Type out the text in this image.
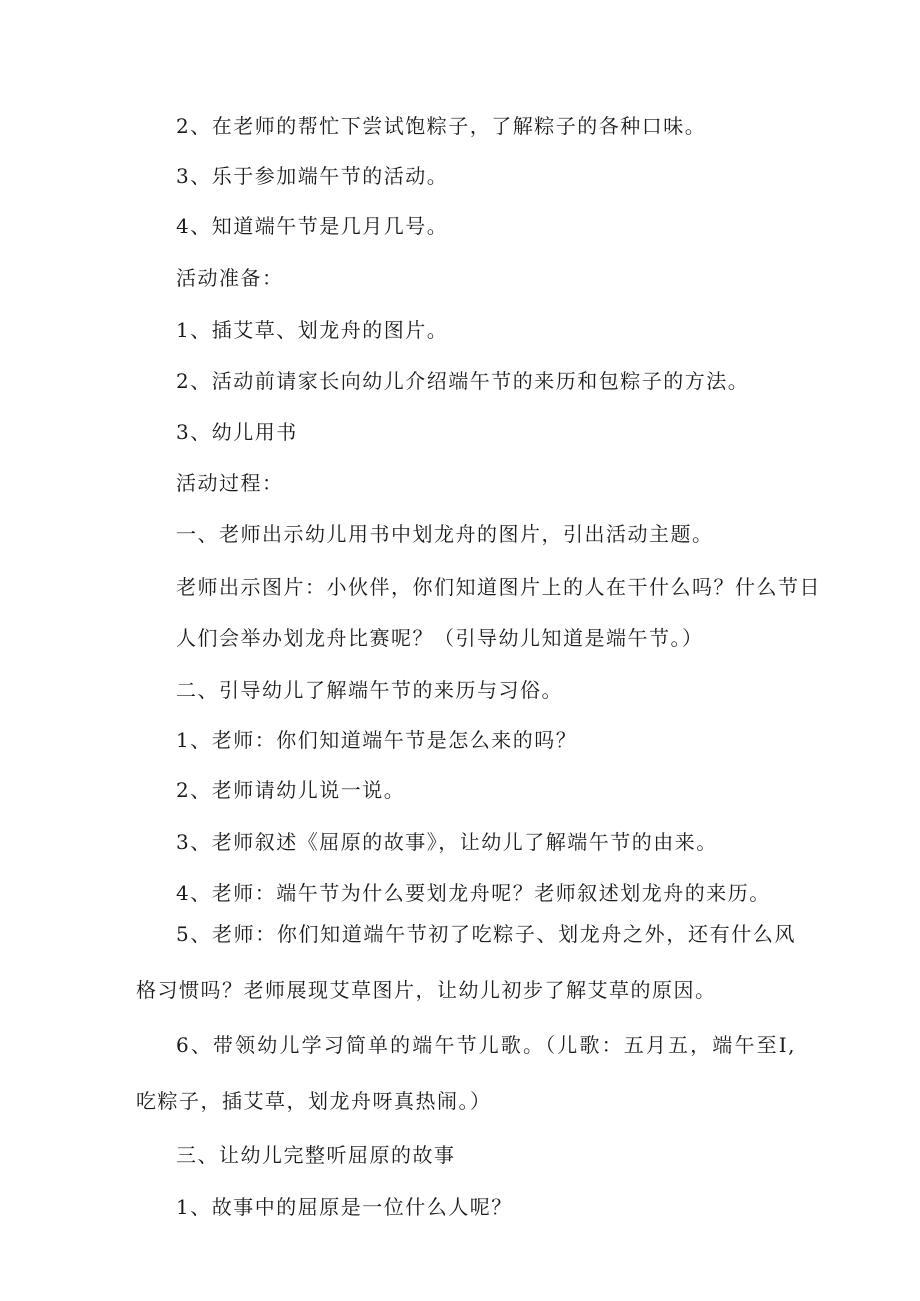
2、在老师的帮忙下尝试饱粽子，了解粽子的各种口味。

3、乐于参加端午节的活动。

4、知道端午节是几月几号。

活动准备：

1、插艾草、划龙舟的图片。

2、活动前请家长向幼儿介绍端午节的来历和包粽子的方法。

3、幼儿用书

活动过程：

一、老师出示幼儿用书中划龙舟的图片，引出活动主题。

老师出示图片：小伙伴，你们知道图片上的人在干什么吗？什么节日

人们会举办划龙舟比赛呢？（引导幼儿知道是端午节。）

二、引导幼儿了解端午节的来历与习俗。

1、老师：你们知道端午节是怎么来的吗？

2、老师请幼儿说一说。

3、老师叙述《屈原的故事》，让幼儿了解端午节的由来。

4、老师：端午节为什么要划龙舟呢？老师叙述划龙舟的来历。

5、老师：你们知道端午节初了吃粽子、划龙舟之外，还有什么风格习惯吗？老师展现艾草图片，让幼儿初步了解艾草的原因。

6、带领幼儿学习简单的端午节儿歌。（儿歌：五月五，端午至I,吃粽子，插艾草，划龙舟呀真热闹。）

三、让幼儿完整听屈原的故事

1、故事中的屈原是一位什么人呢？
